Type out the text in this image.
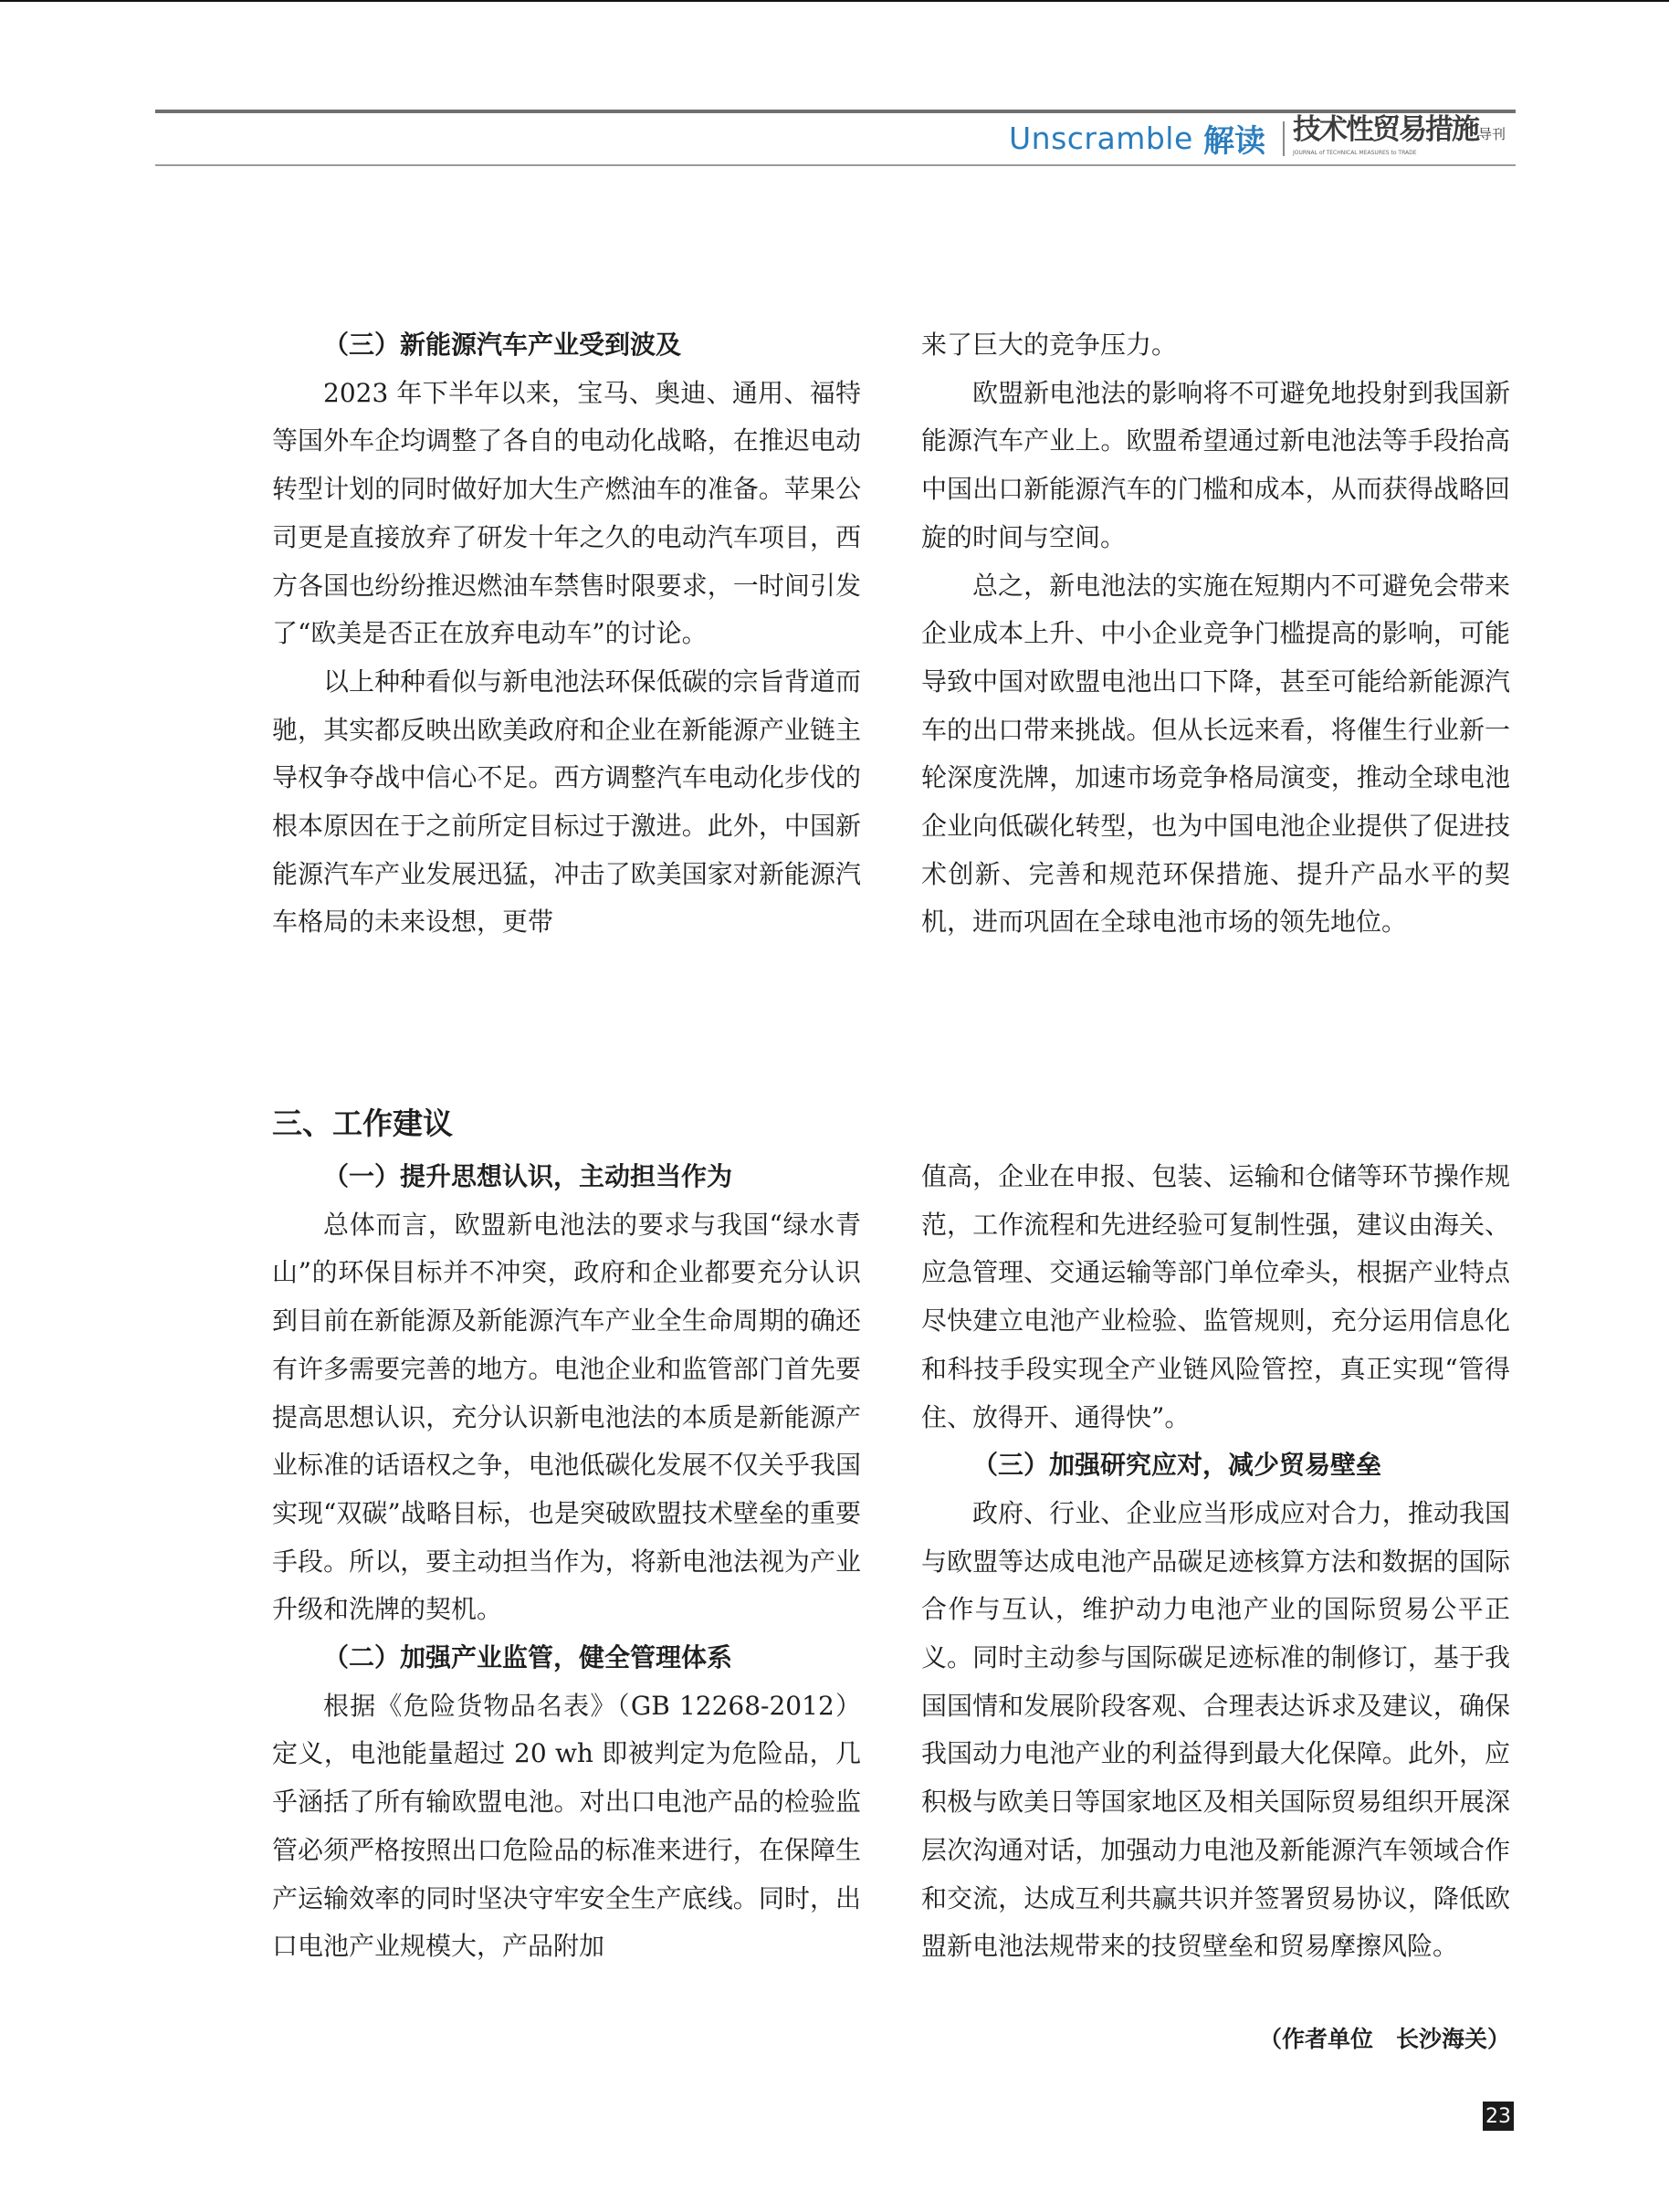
Unscramble 解读 技术性贸易措施导刊
JOURNAL of TECHNICAL MEASURES to TRADE
（三）新能源汽车产业受到波及

2023 年下半年以来，宝马、奥迪、通用、福特等国外车企均调整了各自的电动化战略，在推迟电动转型计划的同时做好加大生产燃油车的准备。苹果公司更是直接放弃了研发十年之久的电动汽车项目，西方各国也纷纷推迟燃油车禁售时限要求，一时间引发了“欧美是否正在放弃电动车”的讨论。

以上种种看似与新电池法环保低碳的宗旨背道而驰，其实都反映出欧美政府和企业在新能源产业链主导权争夺战中信心不足。西方调整汽车电动化步伐的根本原因在于之前所定目标过于激进。此外，中国新能源汽车产业发展迅猛，冲击了欧美国家对新能源汽车格局的未来设想，更带

来了巨大的竞争压力。

欧盟新电池法的影响将不可避免地投射到我国新能源汽车产业上。欧盟希望通过新电池法等手段抬高中国出口新能源汽车的门槛和成本，从而获得战略回旋的时间与空间。

总之，新电池法的实施在短期内不可避免会带来企业成本上升、中小企业竞争门槛提高的影响，可能导致中国对欧盟电池出口下降，甚至可能给新能源汽车的出口带来挑战。但从长远来看，将催生行业新一轮深度洗牌，加速市场竞争格局演变，推动全球电池企业向低碳化转型，也为中国电池企业提供了促进技术创新、完善和规范环保措施、提升产品水平的契机，进而巩固在全球电池市场的领先地位。

三、工作建议
（一）提升思想认识，主动担当作为

总体而言，欧盟新电池法的要求与我国“绿水青山”的环保目标并不冲突，政府和企业都要充分认识到目前在新能源及新能源汽车产业全生命周期的确还有许多需要完善的地方。电池企业和监管部门首先要提高思想认识，充分认识新电池法的本质是新能源产业标准的话语权之争，电池低碳化发展不仅关乎我国实现“双碳”战略目标，也是突破欧盟技术壁垒的重要手段。所以，要主动担当作为，将新电池法视为产业升级和洗牌的契机。

（二）加强产业监管，健全管理体系

根据《危险货物品名表》（GB 12268-2012）定义，电池能量超过 20 wh 即被判定为危险品，几乎涵括了所有输欧盟电池。对出口电池产品的检验监管必须严格按照出口危险品的标准来进行，在保障生产运输效率的同时坚决守牢安全生产底线。同时，出口电池产业规模大，产品附加

值高，企业在申报、包装、运输和仓储等环节操作规范，工作流程和先进经验可复制性强，建议由海关、应急管理、交通运输等部门单位牵头，根据产业特点尽快建立电池产业检验、监管规则，充分运用信息化和科技手段实现全产业链风险管控，真正实现“管得住、放得开、通得快”。

（三）加强研究应对，减少贸易壁垒

政府、行业、企业应当形成应对合力，推动我国与欧盟等达成电池产品碳足迹核算方法和数据的国际合作与互认，维护动力电池产业的国际贸易公平正义。同时主动参与国际碳足迹标准的制修订，基于我国国情和发展阶段客观、合理表达诉求及建议，确保我国动力电池产业的利益得到最大化保障。此外，应积极与欧美日等国家地区及相关国际贸易组织开展深层次沟通对话，加强动力电池及新能源汽车领域合作和交流，达成互利共赢共识并签署贸易协议，降低欧盟新电池法规带来的技贸壁垒和贸易摩擦风险。

（作者单位　长沙海关）
23
